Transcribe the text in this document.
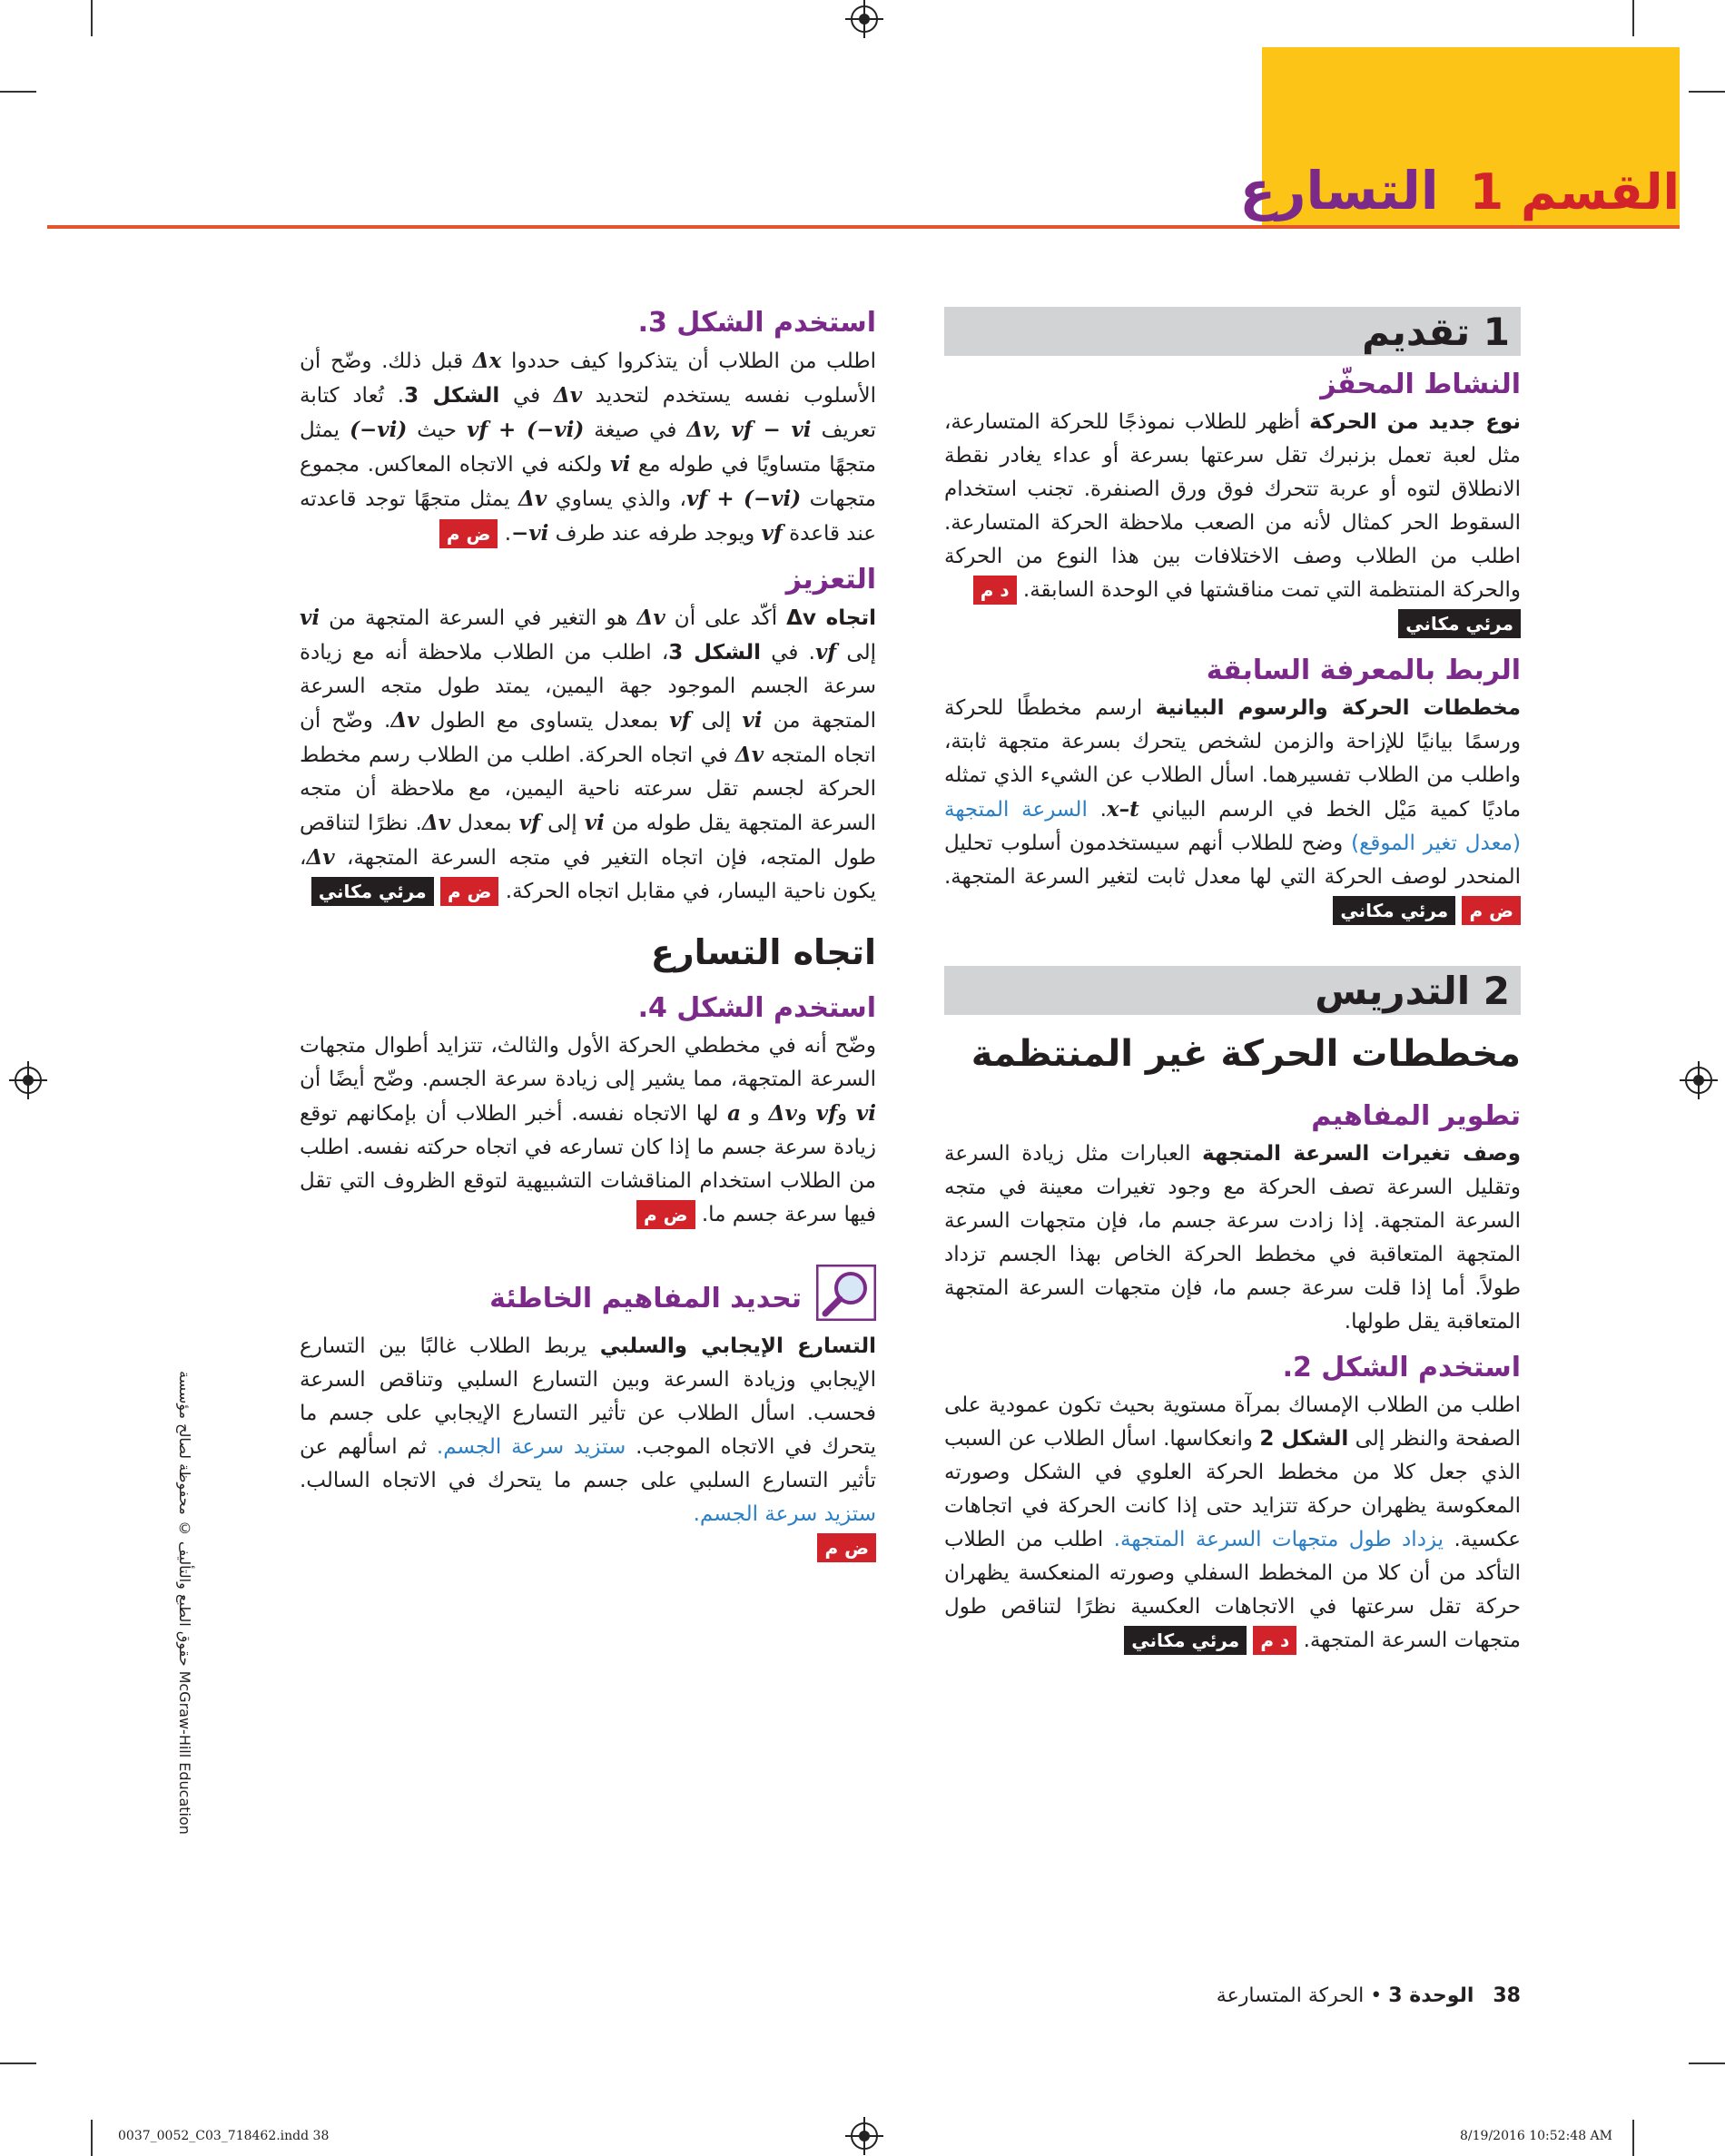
القسم 1
التسارع
1 تقديم
النشاط المحفّز

نوع جديد من الحركة أظهر للطلاب نموذجًا للحركة المتسارعة، مثل لعبة تعمل بزنبرك تقل سرعتها بسرعة أو عداء يغادر نقطة الانطلاق لتوه أو عربة تتحرك فوق ورق الصنفرة. تجنب استخدام السقوط الحر كمثال لأنه من الصعب ملاحظة الحركة المتسارعة. اطلب من الطلاب وصف الاختلافات بين هذا النوع من الحركة والحركة المنتظمة التي تمت مناقشتها في الوحدة السابقة. د م

مرئي مكاني
الربط بالمعرفة السابقة

مخططات الحركة والرسوم البيانية ارسم مخططًا للحركة ورسمًا بيانيًا للإزاحة والزمن لشخص يتحرك بسرعة متجهة ثابتة، واطلب من الطلاب تفسيرهما. اسأل الطلاب عن الشيء الذي تمثله ماديًا كمية مَيْل الخط في الرسم البياني x–t. السرعة المتجهة (معدل تغير الموقع) وضح للطلاب أنهم سيستخدمون أسلوب تحليل المنحدر لوصف الحركة التي لها معدل ثابت لتغير السرعة المتجهة. ض م مرئي مكاني

2 التدريس
مخططات الحركة غير المنتظمة
تطوير المفاهيم

وصف تغيرات السرعة المتجهة العبارات مثل زيادة السرعة وتقليل السرعة تصف الحركة مع وجود تغيرات معينة في متجه السرعة المتجهة. إذا زادت سرعة جسم ما، فإن متجهات السرعة المتجهة المتعاقبة في مخطط الحركة الخاص بهذا الجسم تزداد طولاً. أما إذا قلت سرعة جسم ما، فإن متجهات السرعة المتجهة المتعاقبة يقل طولها.

استخدم الشكل 2.

اطلب من الطلاب الإمساك بمرآة مستوية بحيث تكون عمودية على الصفحة والنظر إلى الشكل 2 وانعكاسها. اسأل الطلاب عن السبب الذي جعل كلا من مخطط الحركة العلوي في الشكل وصورته المعكوسة يظهران حركة تتزايد حتى إذا كانت الحركة في اتجاهات عكسية. يزداد طول متجهات السرعة المتجهة. اطلب من الطلاب التأكد من أن كلا من المخطط السفلي وصورته المنعكسة يظهران حركة تقل سرعتها في الاتجاهات العكسية نظرًا لتناقص طول متجهات السرعة المتجهة. د م مرئي مكاني

استخدم الشكل 3.

اطلب من الطلاب أن يتذكروا كيف حددوا Δx قبل ذلك. وضّح أن الأسلوب نفسه يستخدم لتحديد Δv في الشكل 3. تُعاد كتابة تعريف Δv, vf − vi في صيغة vf + (−vi) حيث (−vi) يمثل متجهًا متساويًا في طوله مع vi ولكنه في الاتجاه المعاكس. مجموع متجهات vf + (−vi)، والذي يساوي Δv يمثل متجهًا توجد قاعدته عند قاعدة vf ويوجد طرفه عند طرف −vi. ض م

التعزيز

اتجاه Δv أكّد على أن Δv هو التغير في السرعة المتجهة من vi إلى vf. في الشكل 3، اطلب من الطلاب ملاحظة أنه مع زيادة سرعة الجسم الموجود جهة اليمين، يمتد طول متجه السرعة المتجهة من vi إلى vf بمعدل يتساوى مع الطول Δv. وضّح أن اتجاه المتجه Δv في اتجاه الحركة. اطلب من الطلاب رسم مخطط الحركة لجسم تقل سرعته ناحية اليمين، مع ملاحظة أن متجه السرعة المتجهة يقل طوله من vi إلى vf بمعدل Δv. نظرًا لتناقص طول المتجه، فإن اتجاه التغير في متجه السرعة المتجهة، Δv، يكون ناحية اليسار، في مقابل اتجاه الحركة. ض م مرئي مكاني

اتجاه التسارع
استخدم الشكل 4.

وضّح أنه في مخططي الحركة الأول والثالث، تتزايد أطوال متجهات السرعة المتجهة، مما يشير إلى زيادة سرعة الجسم. وضّح أيضًا أن vi وvf وΔv و a لها الاتجاه نفسه. أخبر الطلاب أن بإمكانهم توقع زيادة سرعة جسم ما إذا كان تسارعه في اتجاه حركته نفسه. اطلب من الطلاب استخدام المناقشات التشبيهية لتوقع الظروف التي تقل فيها سرعة جسم ما. ض م

تحديد المفاهيم الخاطئة

التسارع الإيجابي والسلبي يربط الطلاب غالبًا بين التسارع الإيجابي وزيادة السرعة وبين التسارع السلبي وتناقص السرعة فحسب. اسأل الطلاب عن تأثير التسارع الإيجابي على جسم ما يتحرك في الاتجاه الموجب. ستزيد سرعة الجسم. ثم اسألهم عن تأثير التسارع السلبي على جسم ما يتحرك في الاتجاه السالب. ستزيد سرعة الجسم.

ض م
حقوق الطبع والتأليف © محفوظة لصالح مؤسسة McGraw-Hill Education
38 الوحدة 3 • الحركة المتسارعة
0037_0052_C03_718462.indd 38	8/19/2016 10:52:48 AM
